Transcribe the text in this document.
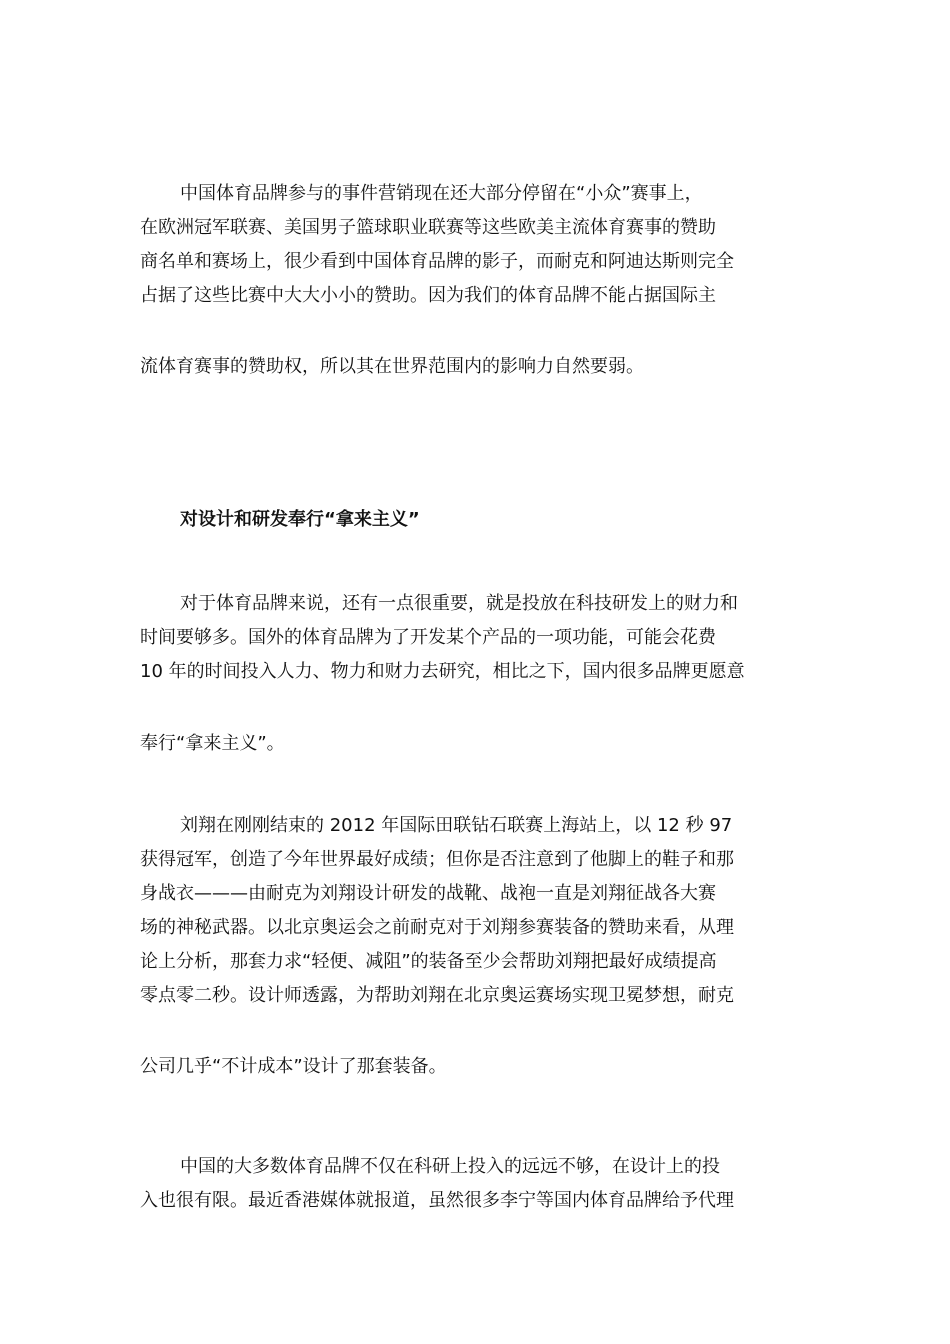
中国体育品牌参与的事件营销现在还大部分停留在“小众”赛事上，
在欧洲冠军联赛、美国男子篮球职业联赛等这些欧美主流体育赛事的赞助
商名单和赛场上，很少看到中国体育品牌的影子，而耐克和阿迪达斯则完全
占据了这些比赛中大大小小的赞助。因为我们的体育品牌不能占据国际主
流体育赛事的赞助权，所以其在世界范围内的影响力自然要弱。
对设计和研发奉行“拿来主义”
对于体育品牌来说，还有一点很重要，就是投放在科技研发上的财力和
时间要够多。国外的体育品牌为了开发某个产品的一项功能，可能会花费
10 年的时间投入人力、物力和财力去研究，相比之下，国内很多品牌更愿意
奉行“拿来主义”。
刘翔在刚刚结束的 2012 年国际田联钻石联赛上海站上，以 12 秒 97
获得冠军，创造了今年世界最好成绩；但你是否注意到了他脚上的鞋子和那
身战衣———由耐克为刘翔设计研发的战靴、战袍一直是刘翔征战各大赛
场的神秘武器。以北京奥运会之前耐克对于刘翔参赛装备的赞助来看，从理
论上分析，那套力求“轻便、减阻”的装备至少会帮助刘翔把最好成绩提高
零点零二秒。设计师透露，为帮助刘翔在北京奥运赛场实现卫冕梦想，耐克
公司几乎“不计成本”设计了那套装备。
中国的大多数体育品牌不仅在科研上投入的远远不够，在设计上的投
入也很有限。最近香港媒体就报道，虽然很多李宁等国内体育品牌给予代理
